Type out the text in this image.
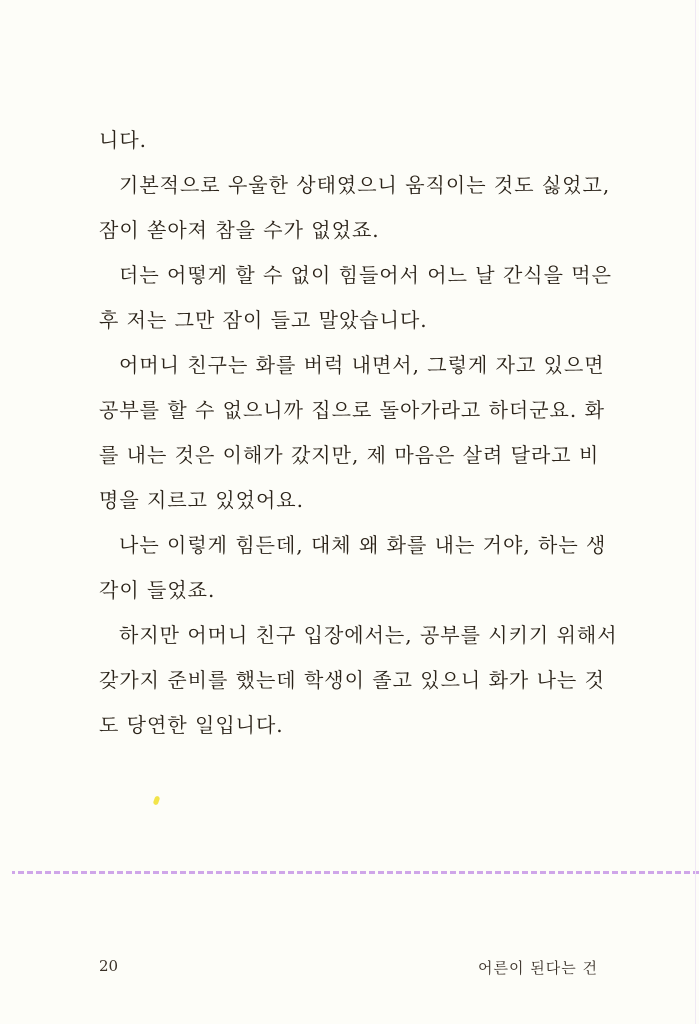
니다.

기본적으로 우울한 상태였으니 움직이는 것도 싫었고,

잠이 쏟아져 참을 수가 없었죠.

더는 어떻게 할 수 없이 힘들어서 어느 날 간식을 먹은

후 저는 그만 잠이 들고 말았습니다.

어머니 친구는 화를 버럭 내면서, 그렇게 자고 있으면

공부를 할 수 없으니까 집으로 돌아가라고 하더군요. 화

를 내는 것은 이해가 갔지만, 제 마음은 살려 달라고 비

명을 지르고 있었어요.

나는 이렇게 힘든데, 대체 왜 화를 내는 거야, 하는 생

각이 들었죠.

하지만 어머니 친구 입장에서는, 공부를 시키기 위해서

갖가지 준비를 했는데 학생이 졸고 있으니 화가 나는 것

도 당연한 일입니다.

20	어른이 된다는 건
